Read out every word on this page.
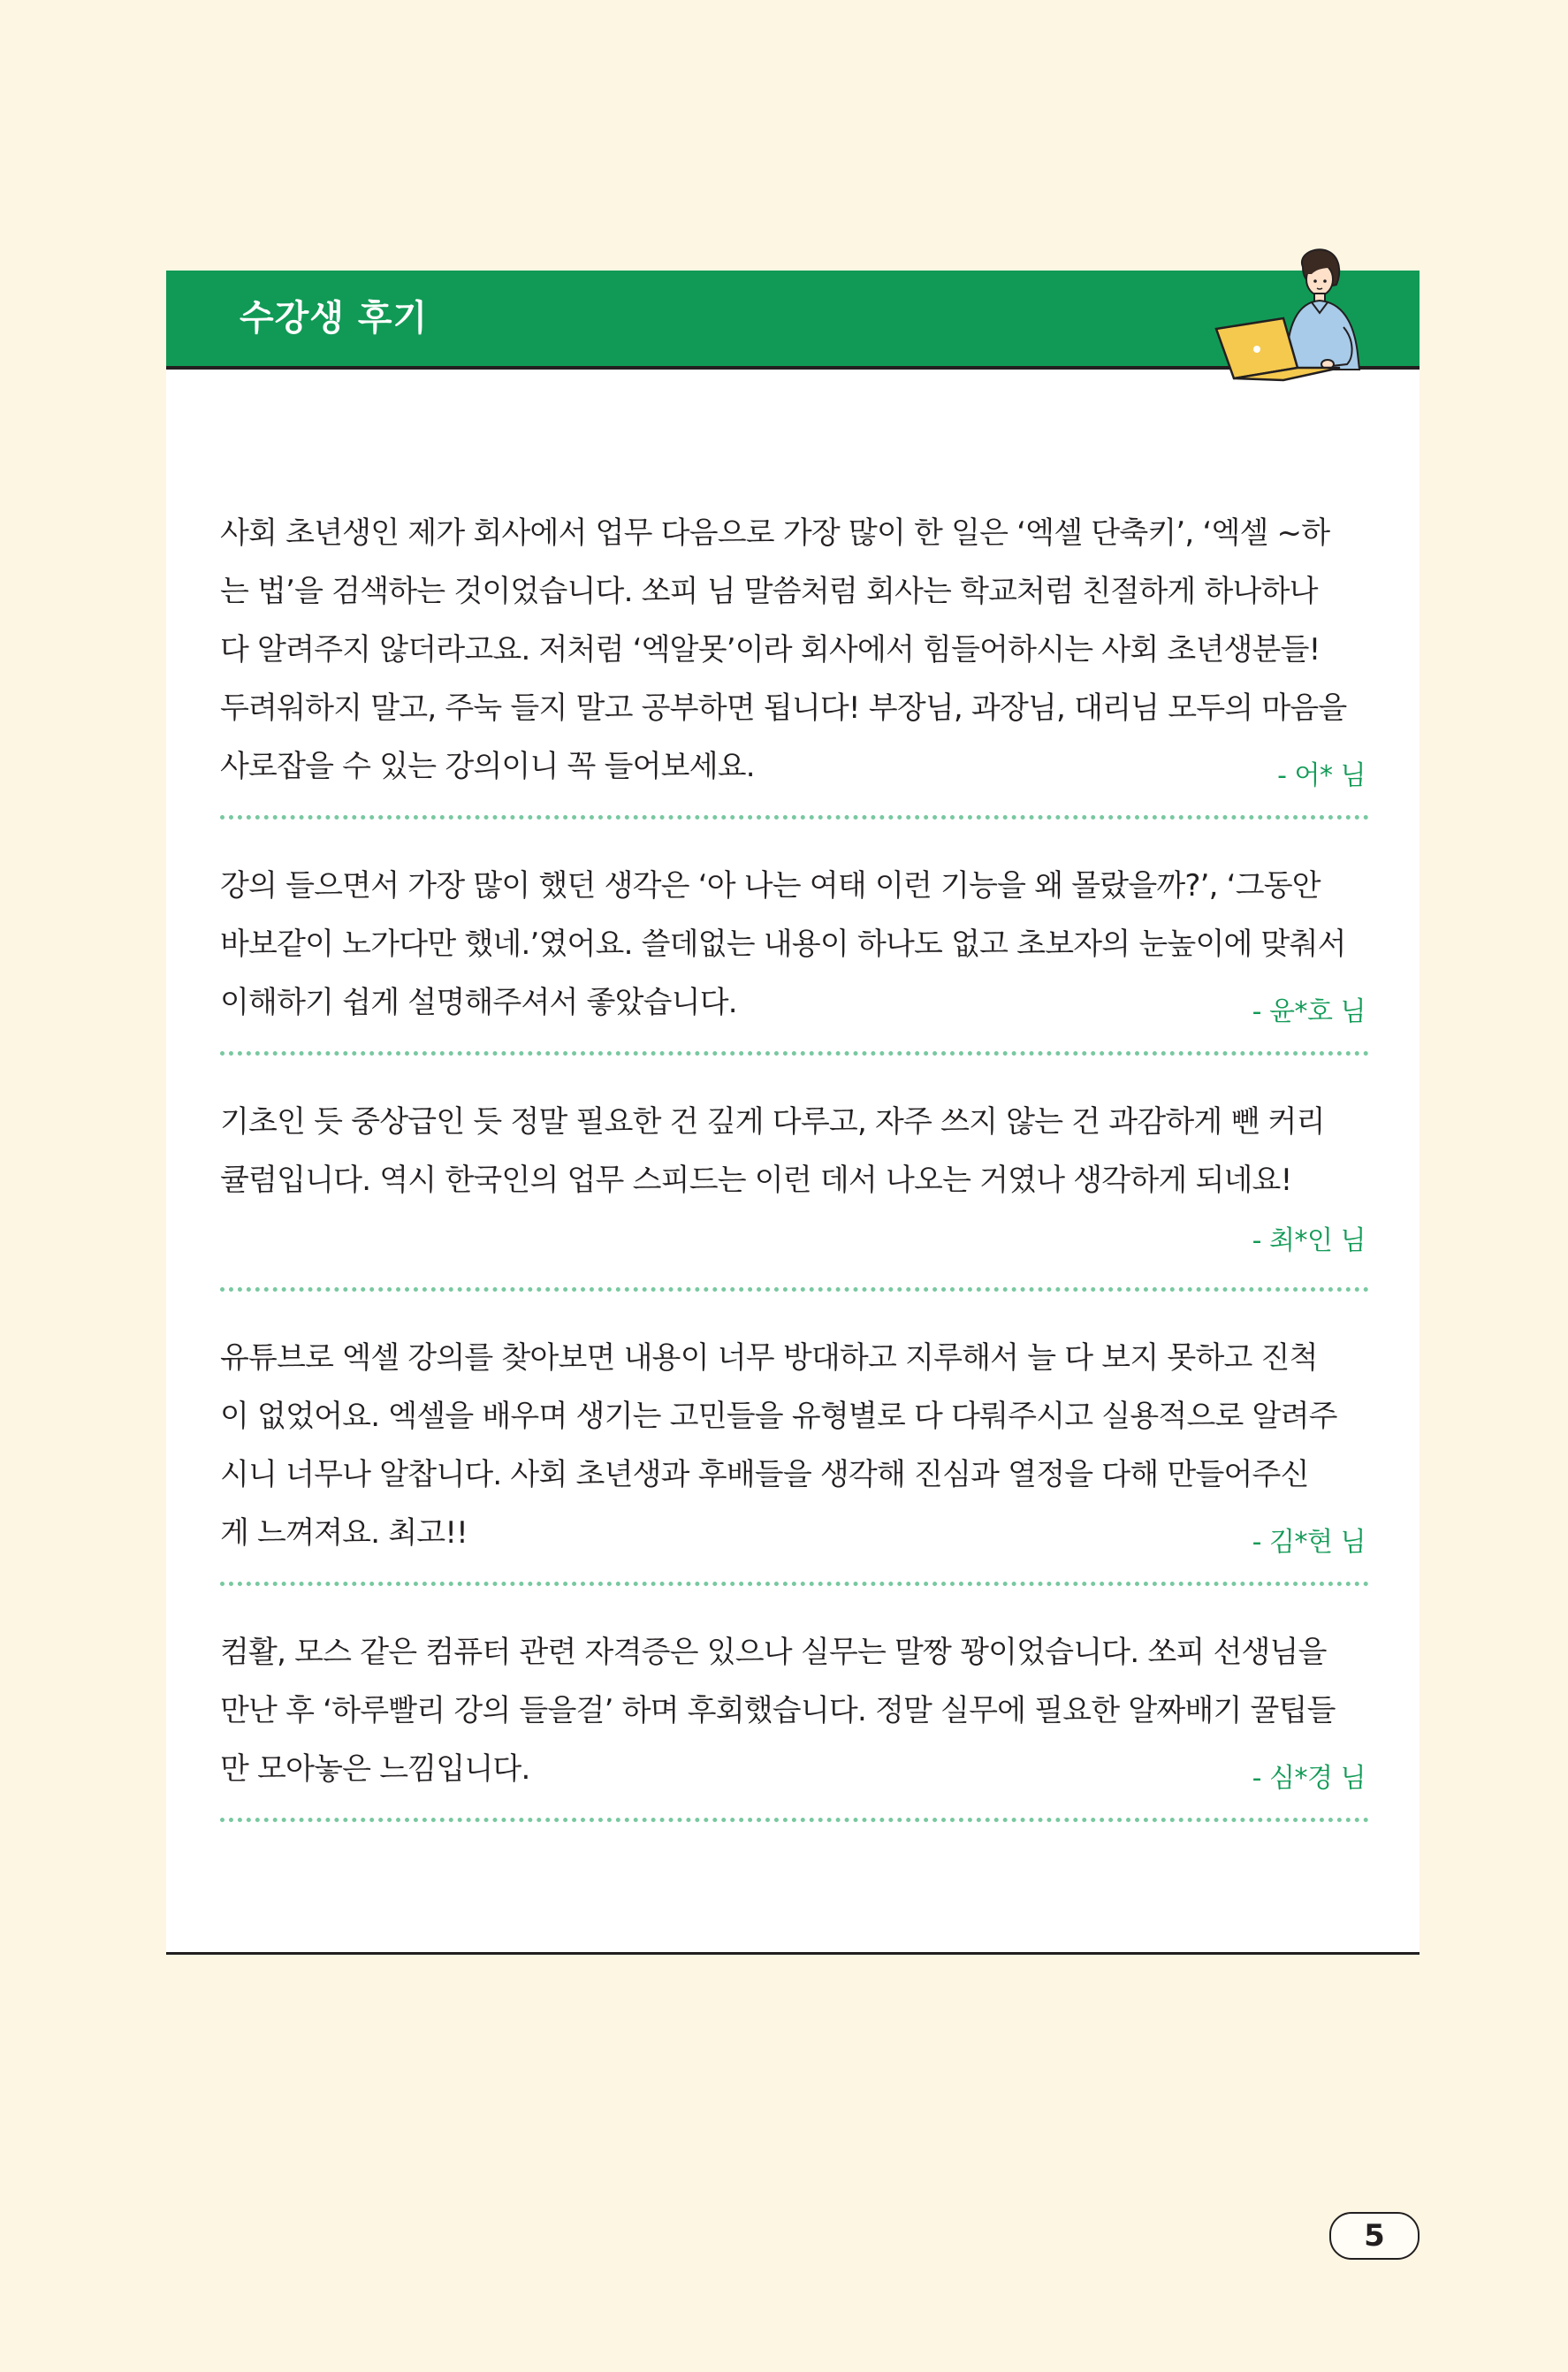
수강생 후기

사회 초년생인 제가 회사에서 업무 다음으로 가장 많이 한 일은 ‘엑셀 단축키’, ‘엑셀 ~하
는 법’을 검색하는 것이었습니다. 쏘피 님 말씀처럼 회사는 학교처럼 친절하게 하나하나
다 알려주지 않더라고요. 저처럼 ‘엑알못’이라 회사에서 힘들어하시는 사회 초년생분들!
두려워하지 말고, 주눅 들지 말고 공부하면 됩니다! 부장님, 과장님, 대리님 모두의 마음을
사로잡을 수 있는 강의이니 꼭 들어보세요.	- 어* 님

강의 들으면서 가장 많이 했던 생각은 ‘아 나는 여태 이런 기능을 왜 몰랐을까?’, ‘그동안
바보같이 노가다만 했네.’였어요. 쓸데없는 내용이 하나도 없고 초보자의 눈높이에 맞춰서
이해하기 쉽게 설명해주셔서 좋았습니다.	- 윤*호 님

기초인 듯 중상급인 듯 정말 필요한 건 깊게 다루고, 자주 쓰지 않는 건 과감하게 뺀 커리
큘럼입니다. 역시 한국인의 업무 스피드는 이런 데서 나오는 거였나 생각하게 되네요!

- 최*인 님

유튜브로 엑셀 강의를 찾아보면 내용이 너무 방대하고 지루해서 늘 다 보지 못하고 진척
이 없었어요. 엑셀을 배우며 생기는 고민들을 유형별로 다 다뤄주시고 실용적으로 알려주
시니 너무나 알찹니다. 사회 초년생과 후배들을 생각해 진심과 열정을 다해 만들어주신
게 느껴져요. 최고!!	- 김*현 님

컴활, 모스 같은 컴퓨터 관련 자격증은 있으나 실무는 말짱 꽝이었습니다. 쏘피 선생님을
만난 후 ‘하루빨리 강의 들을걸’ 하며 후회했습니다. 정말 실무에 필요한 알짜배기 꿀팁들
만 모아놓은 느낌입니다.	- 심*경 님
5
